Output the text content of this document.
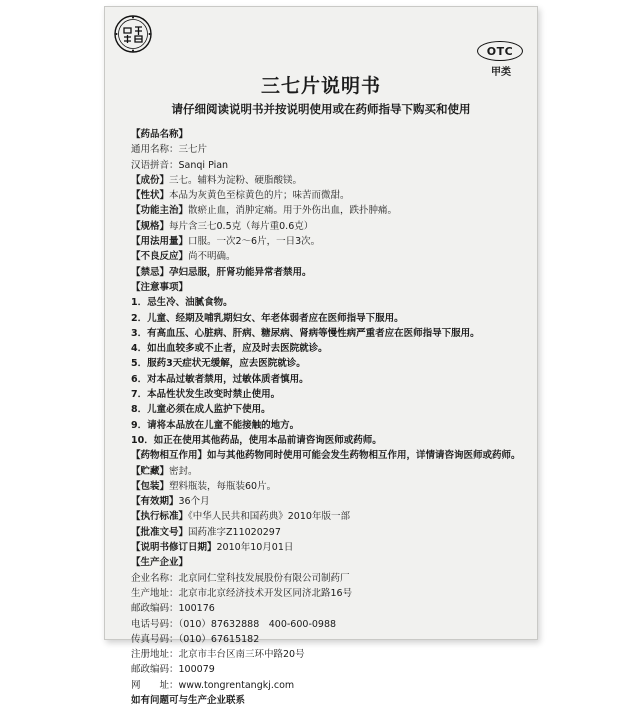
OTC
甲类
三七片说明书
请仔细阅读说明书并按说明使用或在药师指导下购买和使用
【药品名称】
通用名称：三七片
汉语拼音：Sanqi Pian
【成份】三七。辅料为淀粉、硬脂酸镁。
【性状】本品为灰黄色至棕黄色的片；味苦而微甜。
【功能主治】散瘀止血，消肿定痛。用于外伤出血，跌扑肿痛。
【规格】每片含三七0.5克（每片重0.6克）
【用法用量】口服。一次2～6片，一日3次。
【不良反应】尚不明确。
【禁忌】孕妇忌服，肝肾功能异常者禁用。
【注意事项】
1．忌生冷、油腻食物。
2．儿童、经期及哺乳期妇女、年老体弱者应在医师指导下服用。
3．有高血压、心脏病、肝病、糖尿病、肾病等慢性病严重者应在医师指导下服用。
4．如出血较多或不止者，应及时去医院就诊。
5．服药3天症状无缓解，应去医院就诊。
6．对本品过敏者禁用，过敏体质者慎用。
7．本品性状发生改变时禁止使用。
8．儿童必须在成人监护下使用。
9．请将本品放在儿童不能接触的地方。
10．如正在使用其他药品，使用本品前请咨询医师或药师。
【药物相互作用】如与其他药物同时使用可能会发生药物相互作用，详情请咨询医师或药师。
【贮藏】密封。
【包装】塑料瓶装，每瓶装60片。
【有效期】36个月
【执行标准】《中华人民共和国药典》2010年版一部
【批准文号】国药准字Z11020297
【说明书修订日期】2010年10月01日
【生产企业】
企业名称：北京同仁堂科技发展股份有限公司制药厂
生产地址：北京市北京经济技术开发区同济北路16号
邮政编码：100176
电话号码：（010）87632888　400-600-0988
传真号码：（010）67615182
注册地址：北京市丰台区南三环中路20号
邮政编码：100079
网　　址：www.tongrentangkj.com
如有问题可与生产企业联系
